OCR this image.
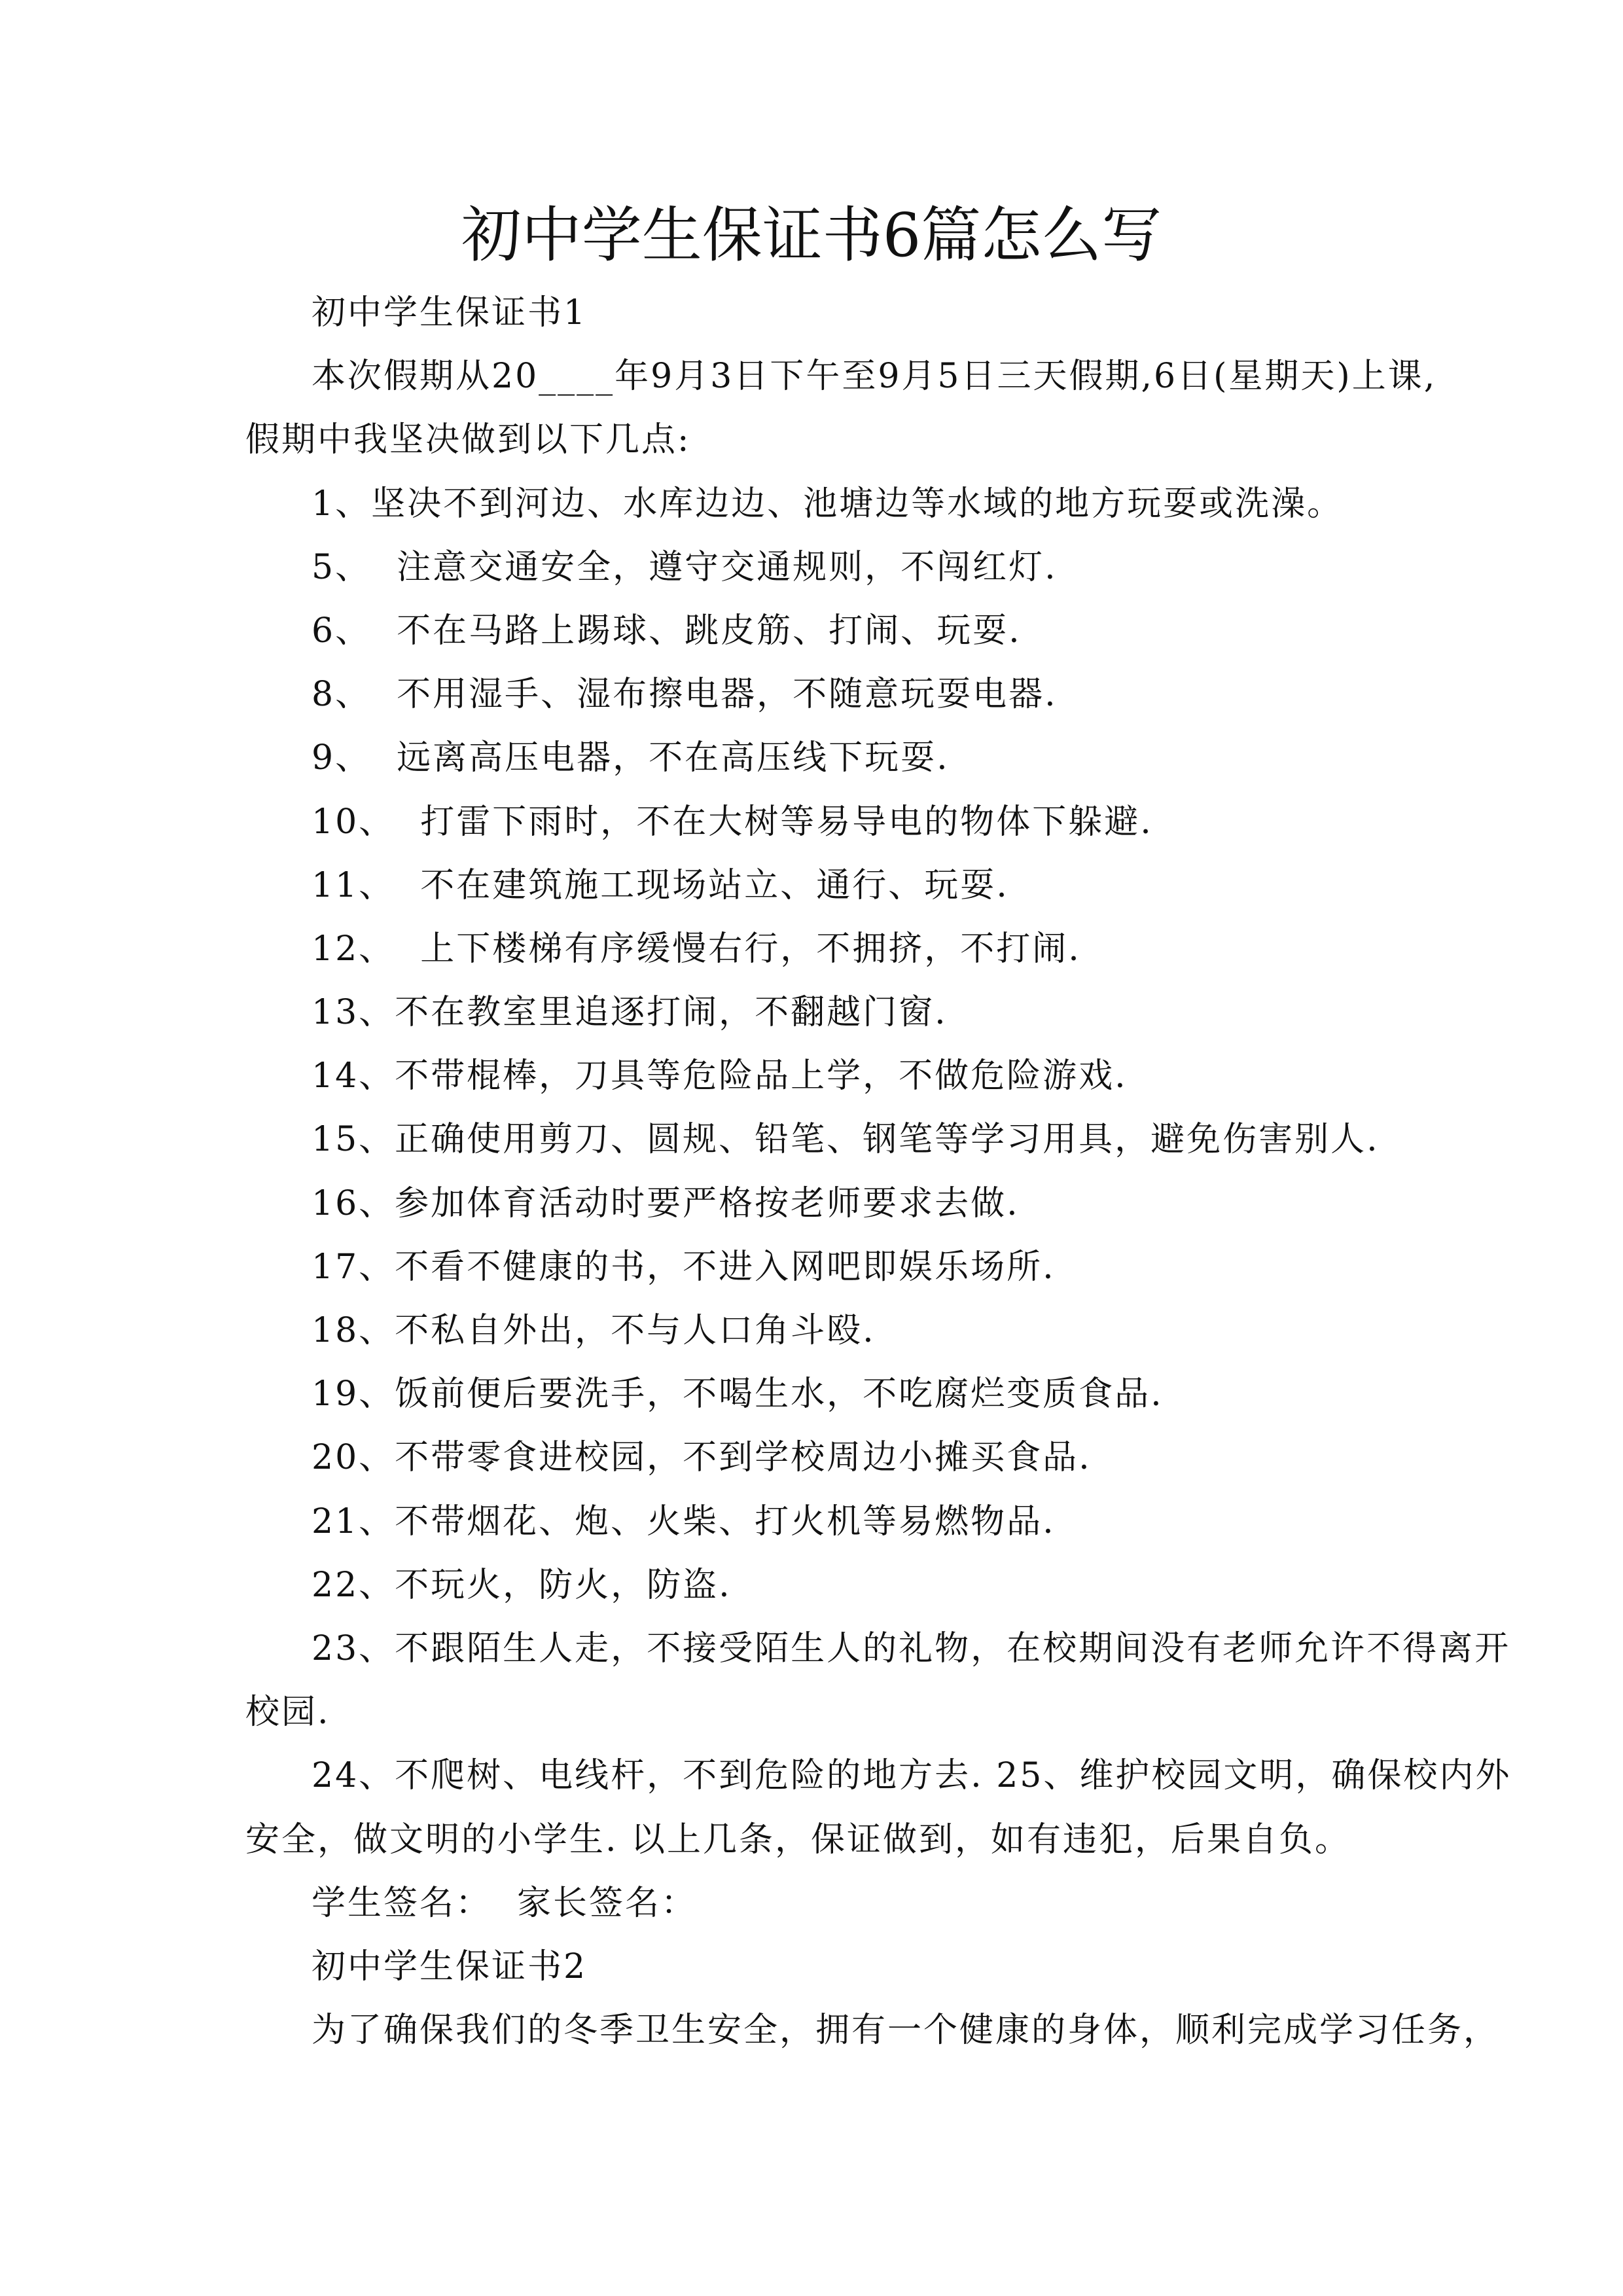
初中学生保证书6篇怎么写
初中学生保证书1
本次假期从20____年9月3日下午至9月5日三天假期,6日(星期天)上课,
假期中我坚决做到以下几点:
1、坚决不到河边、水库边边、池塘边等水域的地方玩耍或洗澡。
5、  注意交通安全，遵守交通规则，不闯红灯.
6、  不在马路上踢球、跳皮筋、打闹、玩耍.
8、  不用湿手、湿布擦电器，不随意玩耍电器.
9、  远离高压电器，不在高压线下玩耍.
10、  打雷下雨时，不在大树等易导电的物体下躲避.
11、  不在建筑施工现场站立、通行、玩耍.
12、  上下楼梯有序缓慢右行，不拥挤，不打闹.
13、不在教室里追逐打闹，不翻越门窗.
14、不带棍棒，刀具等危险品上学，不做危险游戏.
15、正确使用剪刀、圆规、铅笔、钢笔等学习用具，避免伤害别人.
16、参加体育活动时要严格按老师要求去做.
17、不看不健康的书，不进入网吧即娱乐场所.
18、不私自外出，不与人口角斗殴.
19、饭前便后要洗手，不喝生水，不吃腐烂变质食品.
20、不带零食进校园，不到学校周边小摊买食品.
21、不带烟花、炮、火柴、打火机等易燃物品.
22、不玩火，防火，防盗.
23、不跟陌生人走，不接受陌生人的礼物，在校期间没有老师允许不得离开
校园.
24、不爬树、电线杆，不到危险的地方去. 25、维护校园文明，确保校内外
安全，做文明的小学生. 以上几条，保证做到，如有违犯，后果自负。
学生签名：  家长签名：
初中学生保证书2
为了确保我们的冬季卫生安全，拥有一个健康的身体，顺利完成学习任务，
